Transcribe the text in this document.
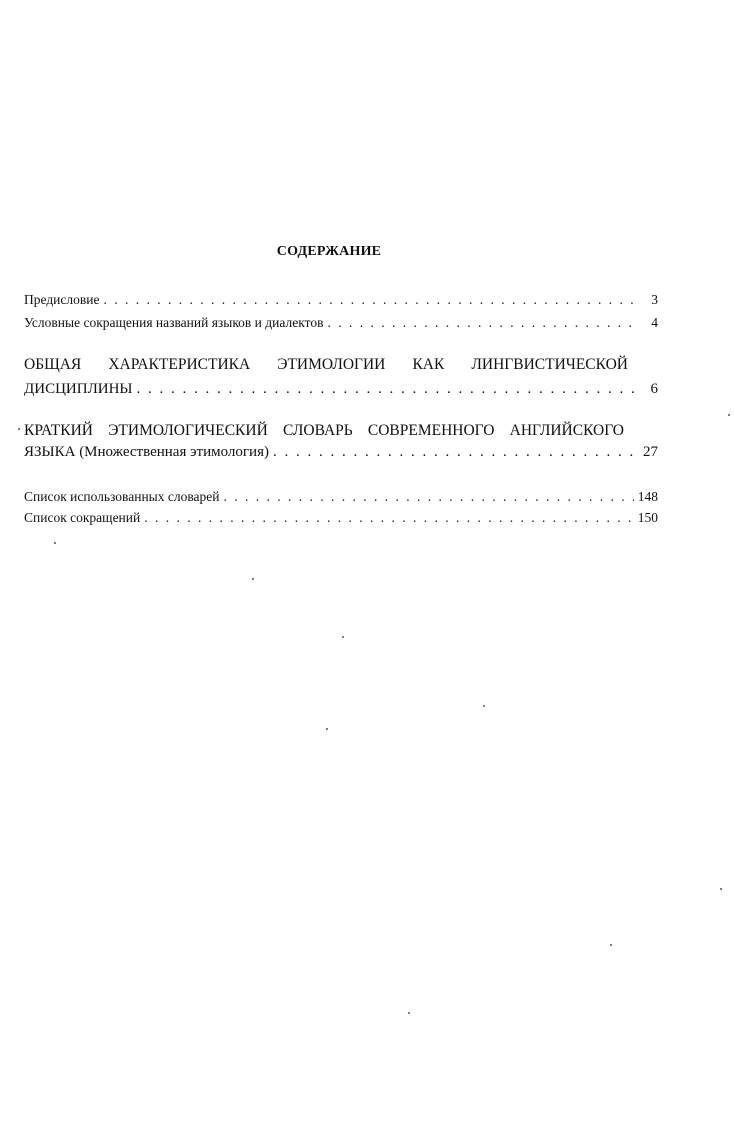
СОДЕРЖАНИЕ
Предисловие . . .	3
Условные сокращения названий языков и диалектов . . .	4
ОБЩАЯ ХАРАКТЕРИСТИКА ЭТИМОЛОГИИ КАК ЛИНГВИСТИЧЕСКОЙ
ДИСЦИПЛИНЫ . . .	6
КРАТКИЙ ЭТИМОЛОГИЧЕСКИЙ СЛОВАРЬ СОВРЕМЕННОГО АНГЛИЙСКОГО
ЯЗЫКА (Множественная этимология) . . .	27
Список использованных словарей . . .	148
Список сокращений . . .	150
